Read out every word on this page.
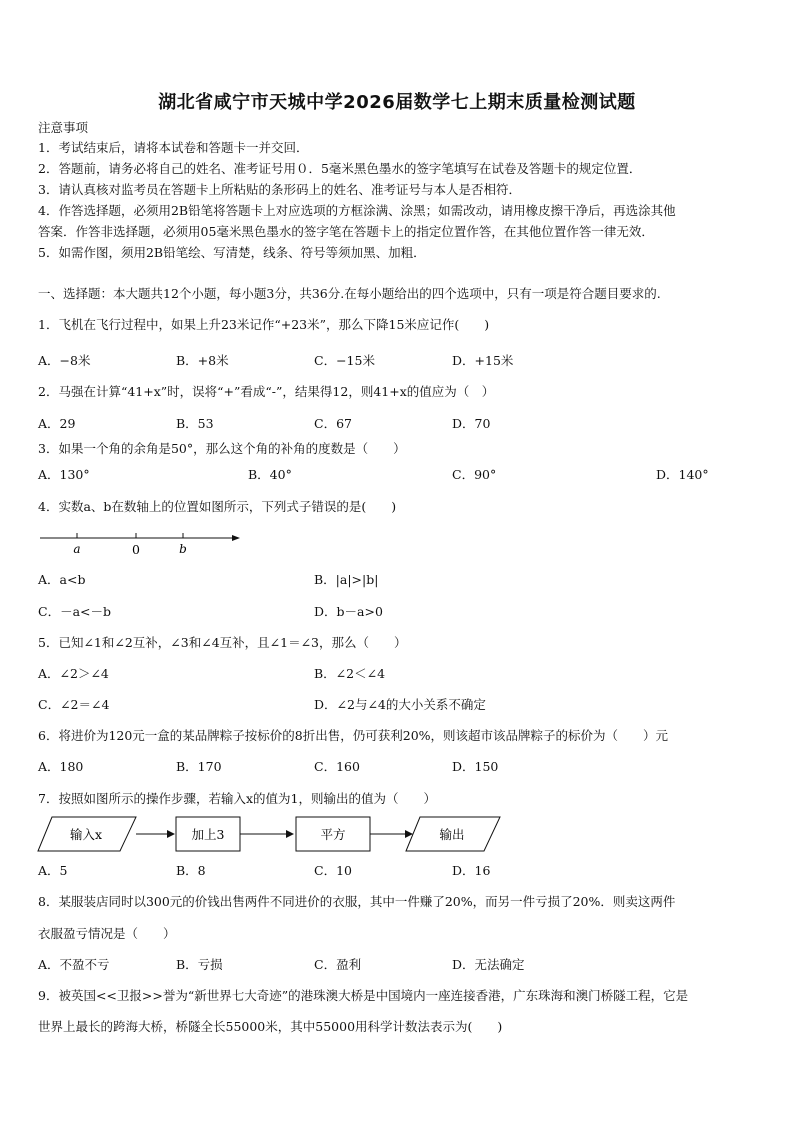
湖北省咸宁市天城中学2026届数学七上期末质量检测试题
注意事项
1．考试结束后，请将本试卷和答题卡一并交回．
2．答题前，请务必将自己的姓名、准考证号用０．5毫米黑色墨水的签字笔填写在试卷及答题卡的规定位置．
3．请认真核对监考员在答题卡上所粘贴的条形码上的姓名、准考证号与本人是否相符．
4．作答选择题，必须用2B铅笔将答题卡上对应选项的方框涂满、涂黑；如需改动，请用橡皮擦干净后，再选涂其他
答案．作答非选择题，必须用05毫米黑色墨水的签字笔在答题卡上的指定位置作答，在其他位置作答一律无效．
5．如需作图，须用2B铅笔绘、写清楚，线条、符号等须加黑、加粗．
一、选择题：本大题共12个小题，每小题3分，共36分.在每小题给出的四个选项中，只有一项是符合题目要求的.
1．飞机在飞行过程中，如果上升23米记作“+23米”，那么下降15米应记作(　　)
A．−8米	B．+8米	C．−15米	D．+15米
2．马强在计算“41+x”时，误将“+”看成“-”，结果得12，则41+x的值应为（　）
A．29	B．53	C．67	D．70
3．如果一个角的余角是50°，那么这个角的补角的度数是（　　）
A．130°	B．40°	C．90°	D．140°
4．实数a、b在数轴上的位置如图所示，下列式子错误的是(　　)
a	0	b
A．a<b	B．|a|>|b|
C．－a<－b	D．b－a>0
5．已知∠1和∠2互补，∠3和∠4互补，且∠1＝∠3，那么（　　）
A．∠2＞∠4	B．∠2＜∠4
C．∠2＝∠4	D．∠2与∠4的大小关系不确定
6．将进价为120元一盒的某品牌粽子按标价的8折出售，仍可获利20%，则该超市该品牌粽子的标价为（　　）元
A．180	B．170	C．160	D．150
7．按照如图所示的操作步骤，若输入x的值为1，则输出的值为（　　）
输入x	加上3	平方	输出
A．5	B．8	C．10	D．16
8．某服装店同时以300元的价钱出售两件不同进价的衣服，其中一件赚了20%，而另一件亏损了20%．则卖这两件
衣服盈亏情况是（　　）
A．不盈不亏	B．亏损	C．盈利	D．无法确定
9．被英国<<卫报>>誉为“新世界七大奇迹”的港珠澳大桥是中国境内一座连接香港，广东珠海和澳门桥隧工程，它是
世界上最长的跨海大桥，桥隧全长55000米，其中55000用科学计数法表示为(　　)
